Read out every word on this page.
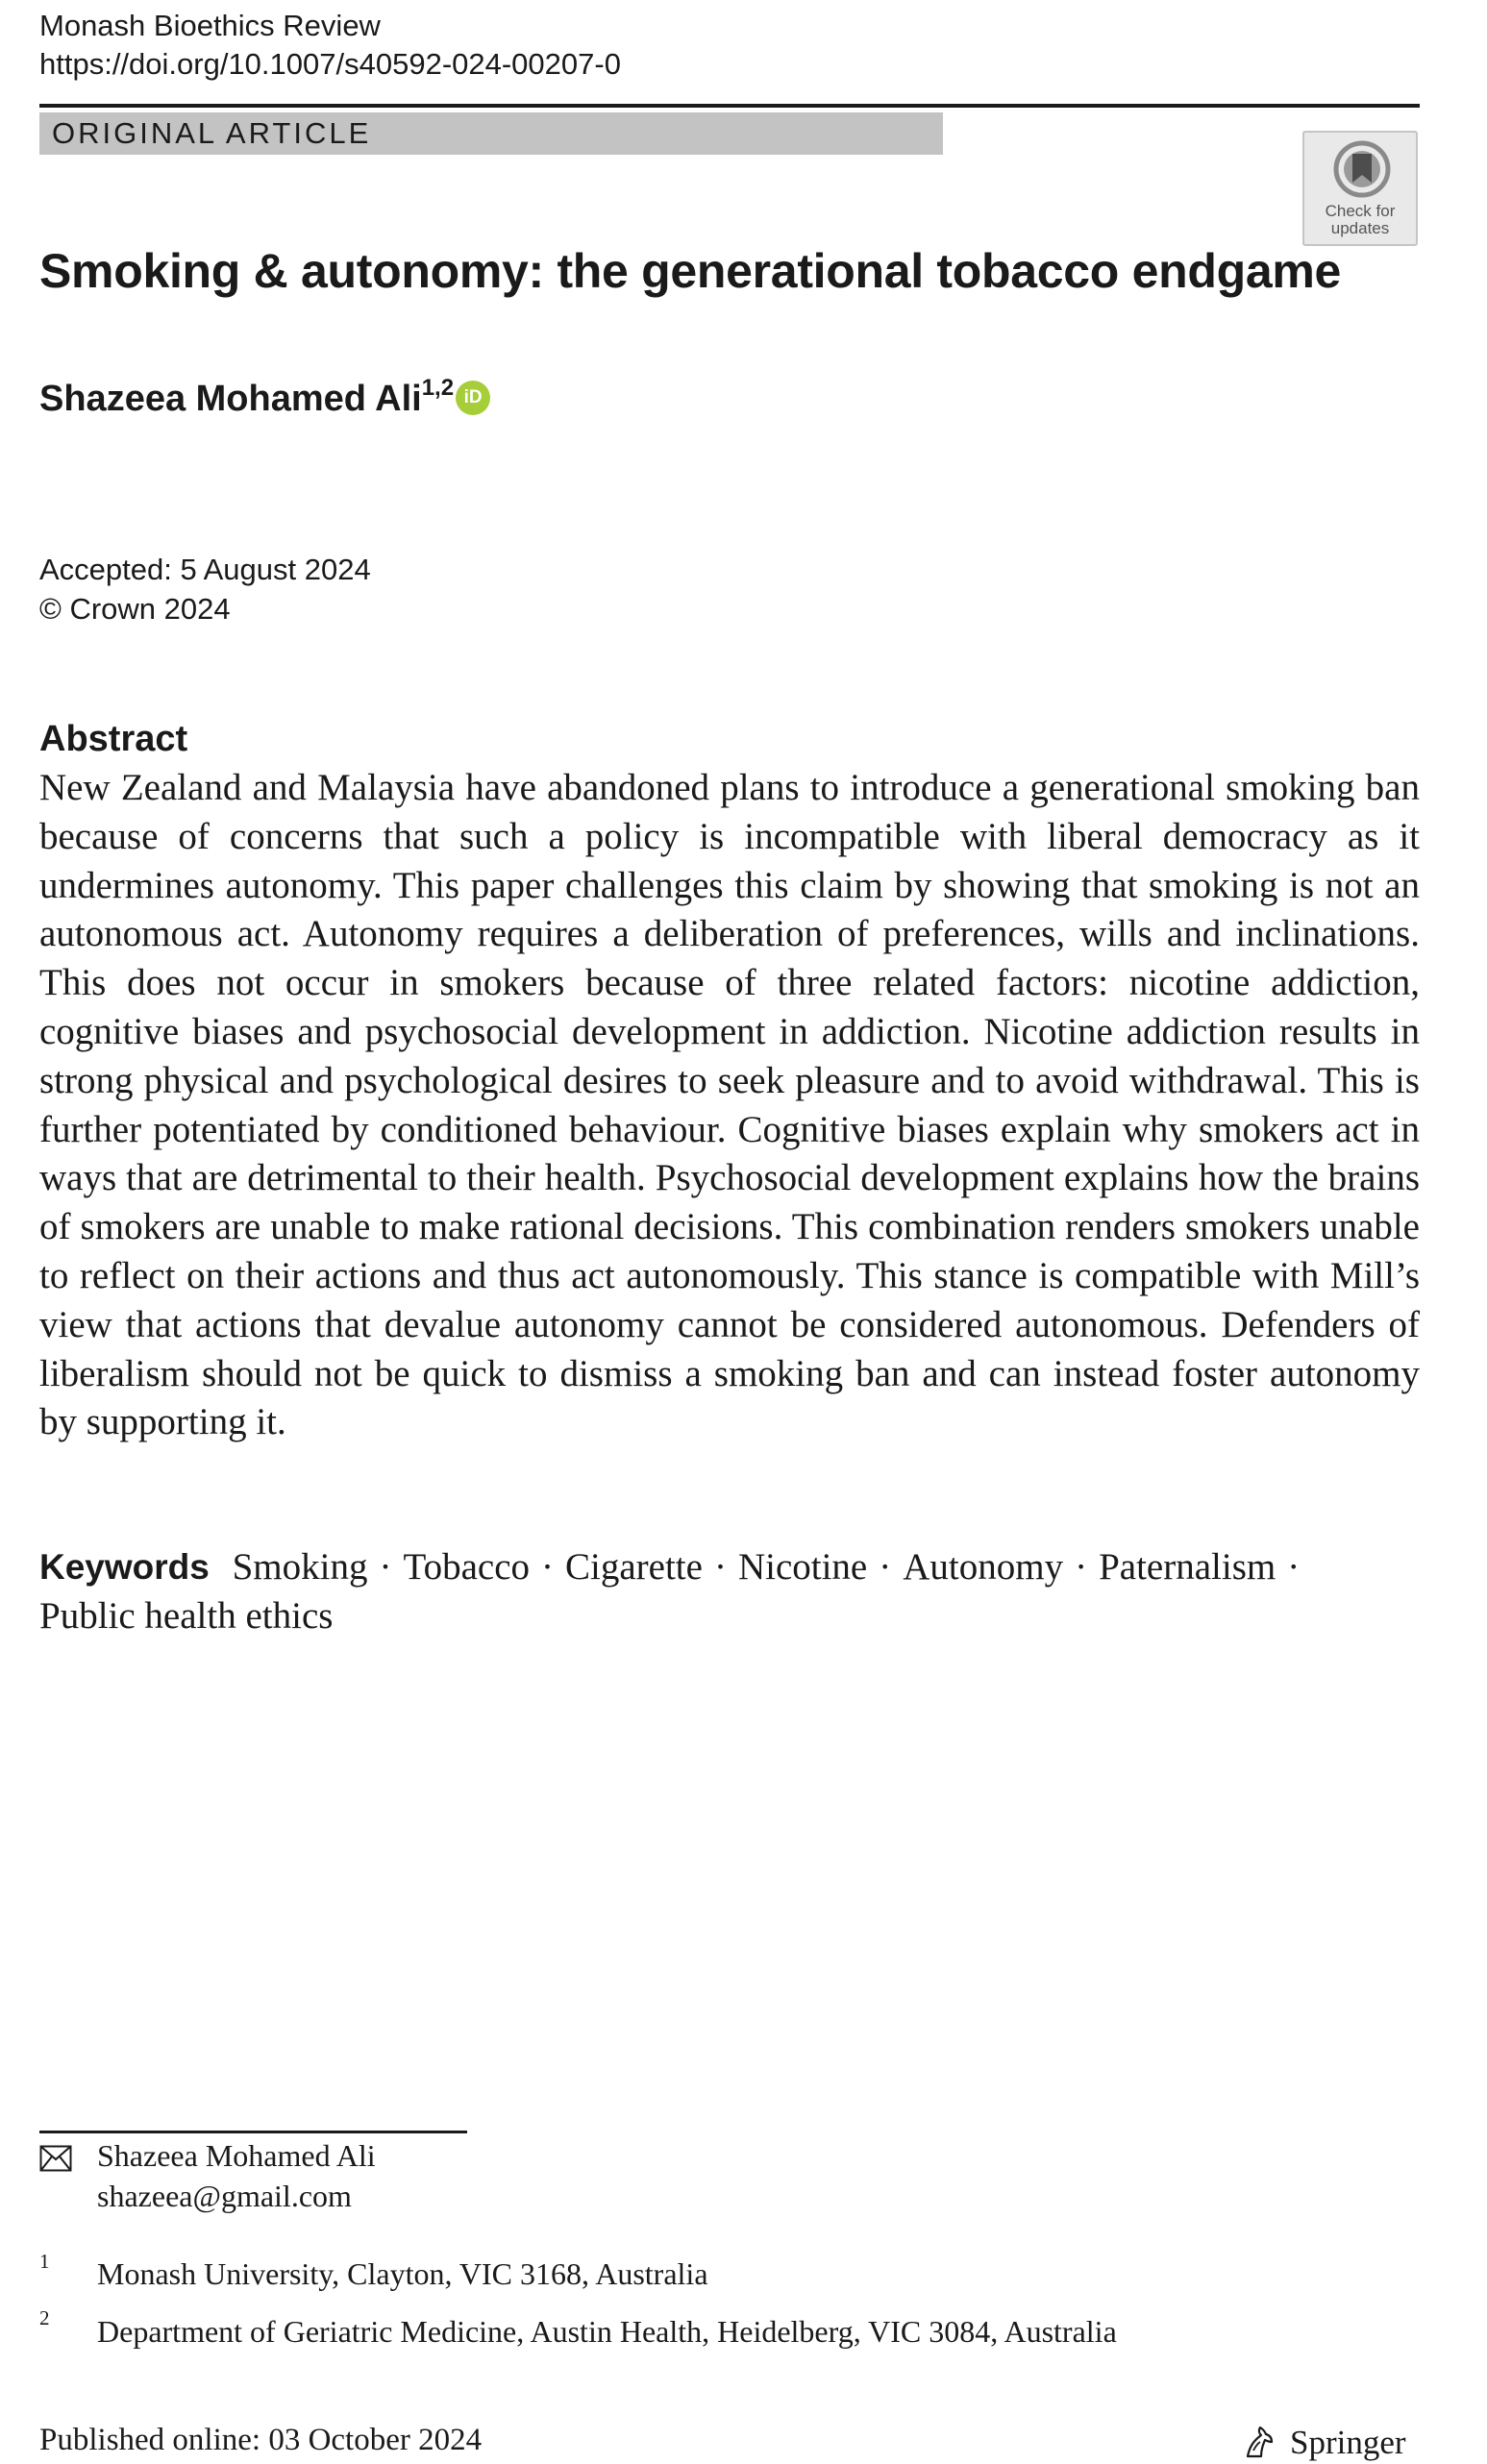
Monash Bioethics Review
https://doi.org/10.1007/s40592-024-00207-0
ORIGINAL ARTICLE
Check for
updates
Smoking & autonomy: the generational tobacco endgame
Shazeea Mohamed Ali$^{1,2}$ iD
Accepted: 5 August 2024
© Crown 2024
Abstract
New Zealand and Malaysia have abandoned plans to introduce a generational smoking ban because of concerns that such a policy is incompatible with liberal democracy as it undermines autonomy. This paper challenges this claim by showing that smoking is not an autonomous act. Autonomy requires a deliberation of preferences, wills and inclinations. This does not occur in smokers because of three related factors: nicotine addiction, cognitive biases and psychosocial development in addiction. Nicotine addiction results in strong physical and psychological desires to seek pleasure and to avoid withdrawal. This is further potentiated by conditioned behaviour. Cognitive biases explain why smokers act in ways that are detrimental to their health. Psychosocial development explains how the brains of smokers are unable to make rational decisions. This combination renders smokers unable to reflect on their actions and thus act autonomously. This stance is compatible with Mill’s view that actions that devalue autonomy cannot be considered autonomous. Defenders of liberalism should not be quick to dismiss a smoking ban and can instead foster autonomy by supporting it.
Keywords Smoking · Tobacco · Cigarette · Nicotine · Autonomy · Paternalism ·
Public health ethics
Shazeea Mohamed Ali
shazeea@gmail.com
1 Monash University, Clayton, VIC 3168, Australia
2 Department of Geriatric Medicine, Austin Health, Heidelberg, VIC 3084, Australia
Published online: 03 October 2024	Springer
